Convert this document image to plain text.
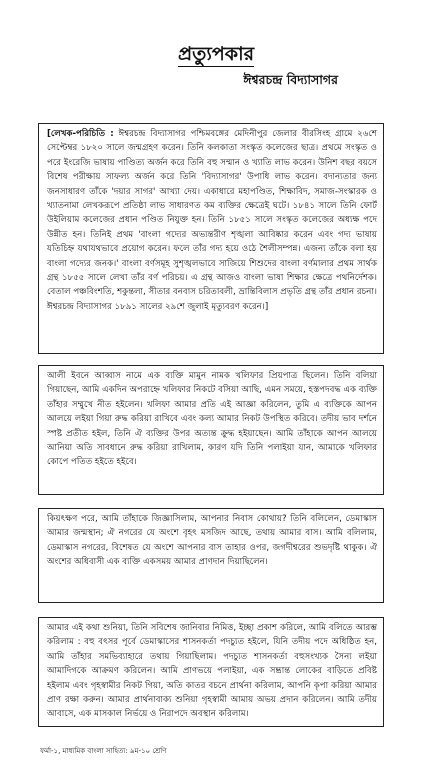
প্রত্যুপকার
ঈশ্বরচন্দ্র বিদ্যাসাগর

[লেখক-পরিচিতি : ঈশ্বরচন্দ্র বিদ্যাসাগর পশ্চিমবঙ্গের মেদিনীপুর জেলার বীরসিংহ গ্রামে ২৬শে সেপ্টেম্বর ১৮২০ সালে জন্মগ্রহণ করেন। তিনি কলকাতা সংস্কৃত কলেজের ছাত্র। প্রথমে সংস্কৃত ও পরে ইংরেজি ভাষায় পাণ্ডিত্য অর্জন করে তিনি বহু সম্মান ও খ্যাতি লাভ করেন। উনিশ বছর বয়সে বিশেষ পরীক্ষায় সাফল্য অর্জন করে তিনি 'বিদ্যাসাগর' উপাধি লাভ করেন। বদান্যতার জন্য জনসাধারণ তাঁকে 'দয়ার সাগর' আখ্যা দেয়। একাধারে মহাপণ্ডিত, শিক্ষাবিদ, সমাজ-সংস্কারক ও খ্যাতনামা লেখকরূপে প্রতিষ্ঠা লাভ সাধারণত কম ব্যক্তির ক্ষেত্রেই ঘটে। ১৮৪১ সালে তিনি ফোর্ট উইলিয়াম কলেজের প্রধান পণ্ডিত নিযুক্ত হন। তিনি ১৮৫১ সালে সংস্কৃত কলেজের অধ্যক্ষ পদে উন্নীত হন। তিনিই প্রথম 'বাংলা গদ্যের অভ্যন্তরীণ শৃঙ্খলা আবিষ্কার করেন এবং গদ্য ভাষায় যতিচিহ্ন যথাযথভাবে প্রয়োগ করেন। ফলে তাঁর গদ্য হয়ে ওঠে শৈলীসম্পন্ন। এজন্য তাঁকে বলা হয় বাংলা গদ্যের জনক।' বাংলা বর্ণসমূহ সুশৃঙ্খলভাবে সাজিয়ে শিশুদের বাংলা বর্ণমালার প্রথম সার্থক গ্রন্থ ১৮৫৫ সালে লেখা তাঁর বর্ণ পরিচয়। এ গ্রন্থ আজও বাংলা ভাষা শিক্ষার ক্ষেত্রে পথনির্দেশক। বেতাল পঞ্চবিংশতি, শকুন্তলা, সীতার বনবাস চরিতাবলী, ভ্রান্তিবিলাস প্রভৃতি গ্রন্থ তাঁর প্রধান রচনা। ঈশ্বরচন্দ্র বিদ্যাসাগর ১৮৯১ সালের ২৯শে জুলাই মৃত্যুবরণ করেন।]

আলী ইবনে আব্বাস নামে এক ব্যক্তি মামুন নামক খলিফার প্রিয়পাত্র ছিলেন। তিনি বলিয়া গিয়াছেন, আমি একদিন অপরাহ্নে খলিফার নিকটে বসিয়া আছি, এমন সময়ে, হস্তপদবদ্ধ এক ব্যক্তি তাঁহার সম্মুখে নীত হইলেন। খলিফা আমার প্রতি এই আজ্ঞা করিলেন, তুমি এ ব্যক্তিকে আপন আলয়ে লইয়া গিয়া রুদ্ধ করিয়া রাখিবে এবং কল্য আমার নিকট উপস্থিত করিবে। তদীয় ভাব দর্শনে স্পষ্ট প্রতীত হইল, তিনি ঐ ব্যক্তির উপর অত্যন্ত ক্রুদ্ধ হইয়াছেন। আমি তাঁহাকে আপন আলয়ে আনিয়া অতি সাবধানে রুদ্ধ করিয়া রাখিলাম, কারণ যদি তিনি পলাইয়া যান, আমাকে খলিফার কোপে পতিত হইতে হইবে।

কিয়ৎক্ষণ পরে, আমি তাঁহাকে জিজ্ঞাসিলাম, আপনার নিবাস কোথায়? তিনি বলিলেন, ডেমাস্কাস আমার জন্মস্থান; ঐ নগরের যে অংশে বৃহৎ মসজিদ আছে, তথায় আমার বাস। আমি বলিলাম, ডেমাস্কাস নগরের, বিশেষত যে অংশে আপনার বাস তাহার ওপর, জগদীশ্বরের শুভদৃষ্টি থাকুক। ঐ অংশের অধিবাসী এক ব্যক্তি একসময় আমার প্রাণদান দিয়াছিলেন।

আমার এই কথা শুনিয়া, তিনি সবিশেষ জানিবার নিমিত্ত, ইচ্ছা প্রকাশ করিলে, আমি বলিতে আরম্ভ করিলাম : বহু বৎসর পূর্বে ডেমাস্কাসের শাসনকর্তা পদচ্যুত হইলে, যিনি তদীয় পদে অধিষ্ঠিত হন, আমি তাঁহার সমভিব্যাহারে তথায় গিয়াছিলাম। পদচ্যুত শাসনকর্তা বহুসংখ্যক সৈন্য লইয়া আমাদিগকে আক্রমণ করিলেন। আমি প্রাণভয়ে পলাইয়া, এক সম্ভ্রান্ত লোকের বাড়িতে প্রবিষ্ট হইলাম এবং গৃহস্বামীর নিকট গিয়া, অতি কাতর বচনে প্রার্থনা করিলাম, আপনি কৃপা করিয়া আমার প্রাণ রক্ষা করুন। আমার প্রার্থনাবাক্য শুনিয়া গৃহস্বামী আমায় অভয় প্রদান করিলেন। আমি তদীয় আবাসে, এক মাসকাল নির্ভয়ে ও নিরাপদে অবস্থান করিলাম।

ফর্মা-১, মাধ্যমিক বাংলা সাহিত্য: ৯ম-১০ শ্রেণি
